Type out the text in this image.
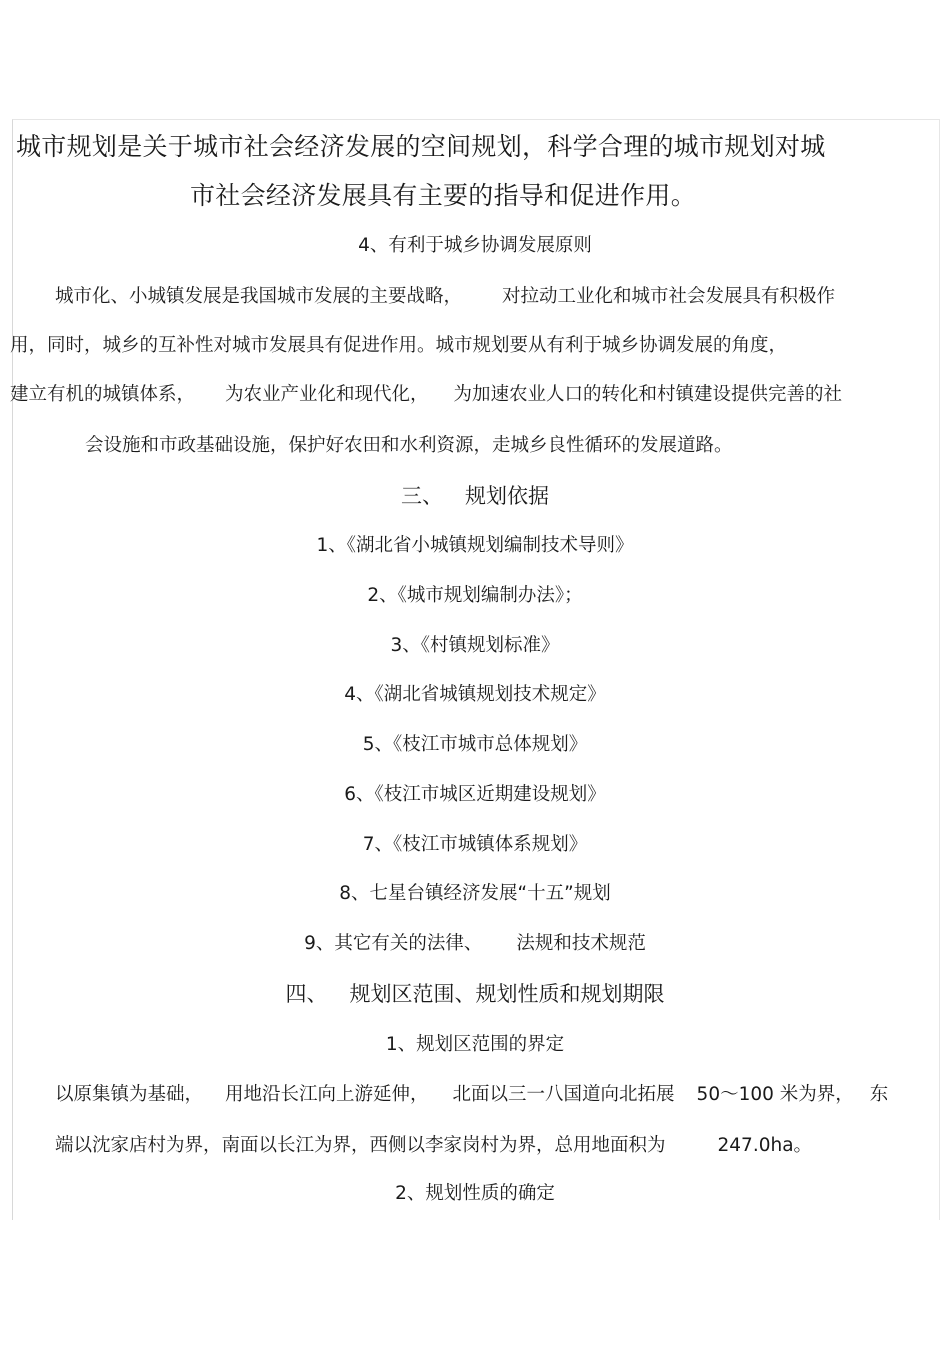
城市规划是关于城市社会经济发展的空间规划，科学合理的城市规划对城
市社会经济发展具有主要的指导和促进作用。
4、有利于城乡协调发展原则
城市化、小城镇发展是我国城市发展的主要战略， 对拉动工业化和城市社会发展具有积极作
用，同时，城乡的互补性对城市发展具有促进作用。城市规划要从有利于城乡协调发展的角度，
建立有机的城镇体系， 为农业产业化和现代化， 为加速农业人口的转化和村镇建设提供完善的社
会设施和市政基础设施，保护好农田和水利资源，走城乡良性循环的发展道路。
三、 规划依据
1、《湖北省小城镇规划编制技术导则》
2、《城市规划编制办法》；
3、《村镇规划标准》
4、《湖北省城镇规划技术规定》
5、《枝江市城市总体规划》
6、《枝江市城区近期建设规划》
7、《枝江市城镇体系规划》
8、七星台镇经济发展“十五”规划
9、其它有关的法律、 法规和技术规范
四、 规划区范围、规划性质和规划期限
1、规划区范围的界定
以原集镇为基础， 用地沿长江向上游延伸， 北面以三一八国道向北拓展 50～100 米为界， 东
端以沈家店村为界，南面以长江为界，西侧以李家岗村为界，总用地面积为	247.0ha。
2、规划性质的确定
